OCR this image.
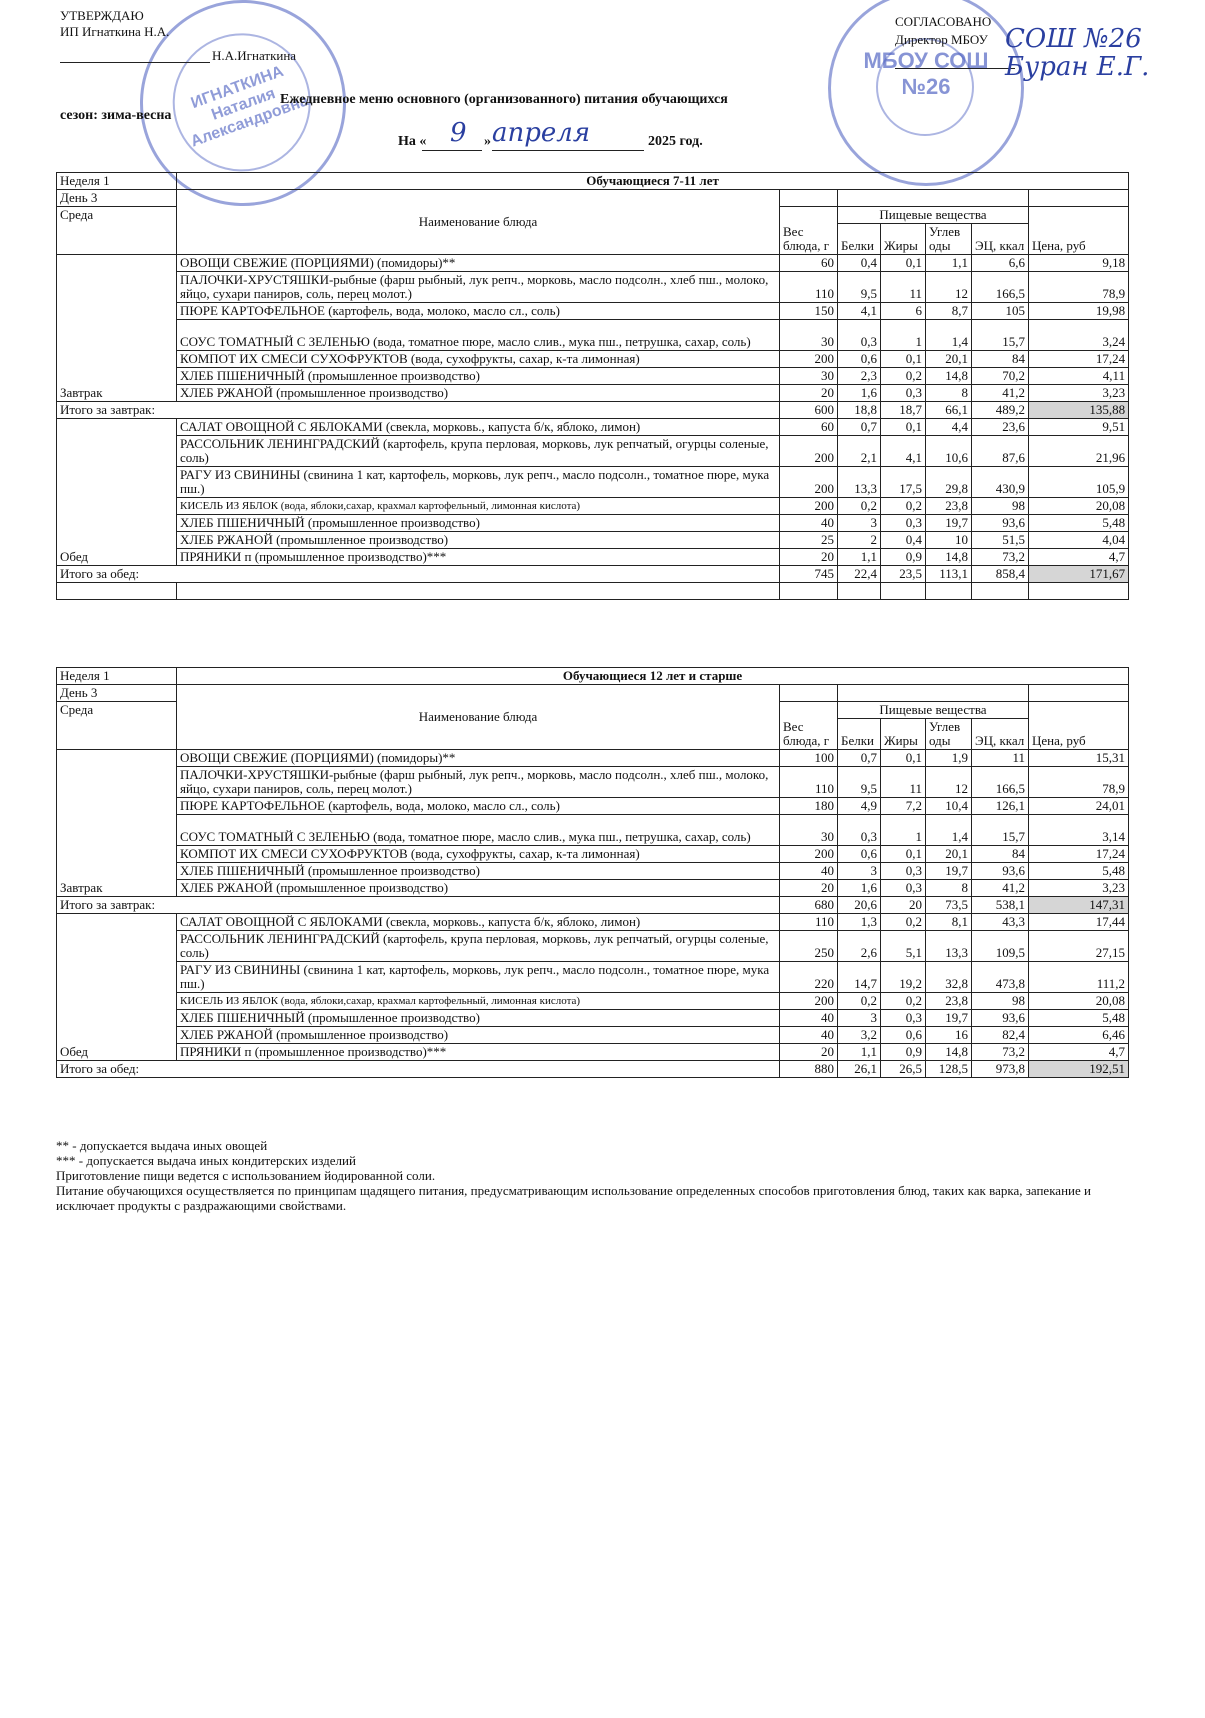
ИГНАТКИНА Наталия Александровна
МБОУ СОШ №26
УТВЕРЖДАЮ
ИП Игнаткина Н.А.
Н.А.Игнаткина
СОГЛАСОВАНО
Директор МБОУ СОШ №26 Буран Е.Г.
Ежедневное меню основного (организованного) питания обучающихся
сезон: зима-весна
На « 9 » апреля	2025 год.
Неделя 1	Обучающиеся 7-11 лет						
День 3	Наименование блюда						
Среда		Вес блюда, г	Пищевые вещества				Цена, руб
			Белки	Жиры	Углев оды	ЭЦ, ккал	
Завтрак	ОВОЩИ СВЕЖИЕ (ПОРЦИЯМИ) (помидоры)**	60	0,4	0,1	1,1	6,6	9,18
	ПАЛОЧКИ-ХРУСТЯШКИ-рыбные (фарш рыбный, лук репч., морковь, масло подсолн., хлеб пш., молоко, яйцо, сухари паниров, соль, перец молот.)	110	9,5	11	12	166,5	78,9
	ПЮРЕ КАРТОФЕЛЬНОЕ (картофель, вода, молоко, масло сл., соль)	150	4,1	6	8,7	105	19,98
	СОУС ТОМАТНЫЙ С ЗЕЛЕНЬЮ (вода, томатное пюре, масло слив., мука пш., петрушка, сахар, соль)	30	0,3	1	1,4	15,7	3,24
	КОМПОТ ИХ СМЕСИ СУХОФРУКТОВ (вода, сухофрукты, сахар, к-та лимонная)	200	0,6	0,1	20,1	84	17,24
	ХЛЕБ ПШЕНИЧНЫЙ (промышленное производство)	30	2,3	0,2	14,8	70,2	4,11
	ХЛЕБ РЖАНОЙ (промышленное производство)	20	1,6	0,3	8	41,2	3,23
Итого за завтрак:		600	18,8	18,7	66,1	489,2	135,88
Обед	САЛАТ ОВОЩНОЙ С ЯБЛОКАМИ (свекла, морковь., капуста б/к, яблоко, лимон)	60	0,7	0,1	4,4	23,6	9,51
	РАССОЛЬНИК ЛЕНИНГРАДСКИЙ (картофель, крупа перловая, морковь, лук репчатый, огурцы соленые, соль)	200	2,1	4,1	10,6	87,6	21,96
	РАГУ ИЗ СВИНИНЫ (свинина 1 кат, картофель, морковь, лук репч., масло подсолн., томатное пюре, мука пш.)	200	13,3	17,5	29,8	430,9	105,9
	КИСЕЛЬ ИЗ ЯБЛОК (вода, яблоки,сахар, крахмал картофельный, лимонная кислота)	200	0,2	0,2	23,8	98	20,08
	ХЛЕБ ПШЕНИЧНЫЙ (промышленное производство)	40	3	0,3	19,7	93,6	5,48
	ХЛЕБ РЖАНОЙ (промышленное производство)	25	2	0,4	10	51,5	4,04
	ПРЯНИКИ п (промышленное производство)***	20	1,1	0,9	14,8	73,2	4,7
Итого за обед:		745	22,4	23,5	113,1	858,4	171,67

Неделя 1	Обучающиеся 12 лет и старше						
День 3	Наименование блюда						
Среда		Вес блюда, г	Пищевые вещества				Цена, руб
			Белки	Жиры	Углев оды	ЭЦ, ккал	
Завтрак	ОВОЩИ СВЕЖИЕ (ПОРЦИЯМИ) (помидоры)**	100	0,7	0,1	1,9	11	15,31
	ПАЛОЧКИ-ХРУСТЯШКИ-рыбные (фарш рыбный, лук репч., морковь, масло подсолн., хлеб пш., молоко, яйцо, сухари паниров, соль, перец молот.)	110	9,5	11	12	166,5	78,9
	ПЮРЕ КАРТОФЕЛЬНОЕ (картофель, вода, молоко, масло сл., соль)	180	4,9	7,2	10,4	126,1	24,01
	СОУС ТОМАТНЫЙ С ЗЕЛЕНЬЮ (вода, томатное пюре, масло слив., мука пш., петрушка, сахар, соль)	30	0,3	1	1,4	15,7	3,14
	КОМПОТ ИХ СМЕСИ СУХОФРУКТОВ (вода, сухофрукты, сахар, к-та лимонная)	200	0,6	0,1	20,1	84	17,24
	ХЛЕБ ПШЕНИЧНЫЙ (промышленное производство)	40	3	0,3	19,7	93,6	5,48
	ХЛЕБ РЖАНОЙ (промышленное производство)	20	1,6	0,3	8	41,2	3,23
Итого за завтрак:		680	20,6	20	73,5	538,1	147,31
Обед	САЛАТ ОВОЩНОЙ С ЯБЛОКАМИ (свекла, морковь., капуста б/к, яблоко, лимон)	110	1,3	0,2	8,1	43,3	17,44
	РАССОЛЬНИК ЛЕНИНГРАДСКИЙ (картофель, крупа перловая, морковь, лук репчатый, огурцы соленые, соль)	250	2,6	5,1	13,3	109,5	27,15
	РАГУ ИЗ СВИНИНЫ (свинина 1 кат, картофель, морковь, лук репч., масло подсолн., томатное пюре, мука пш.)	220	14,7	19,2	32,8	473,8	111,2
	КИСЕЛЬ ИЗ ЯБЛОК (вода, яблоки,сахар, крахмал картофельный, лимонная кислота)	200	0,2	0,2	23,8	98	20,08
	ХЛЕБ ПШЕНИЧНЫЙ (промышленное производство)	40	3	0,3	19,7	93,6	5,48
	ХЛЕБ РЖАНОЙ (промышленное производство)	40	3,2	0,6	16	82,4	6,46
	ПРЯНИКИ п (промышленное производство)***	20	1,1	0,9	14,8	73,2	4,7
Итого за обед:		880	26,1	26,5	128,5	973,8	192,51
** - допускается выдача иных овощей
*** - допускается выдача иных кондитерских изделий
Приготовление пищи ведется с использованием йодированной соли.
Питание обучающихся осуществляется по принципам щадящего питания, предусматривающим использование определенных способов приготовления блюд, таких как варка, запекание и исключает продукты с раздражающими свойствами.
